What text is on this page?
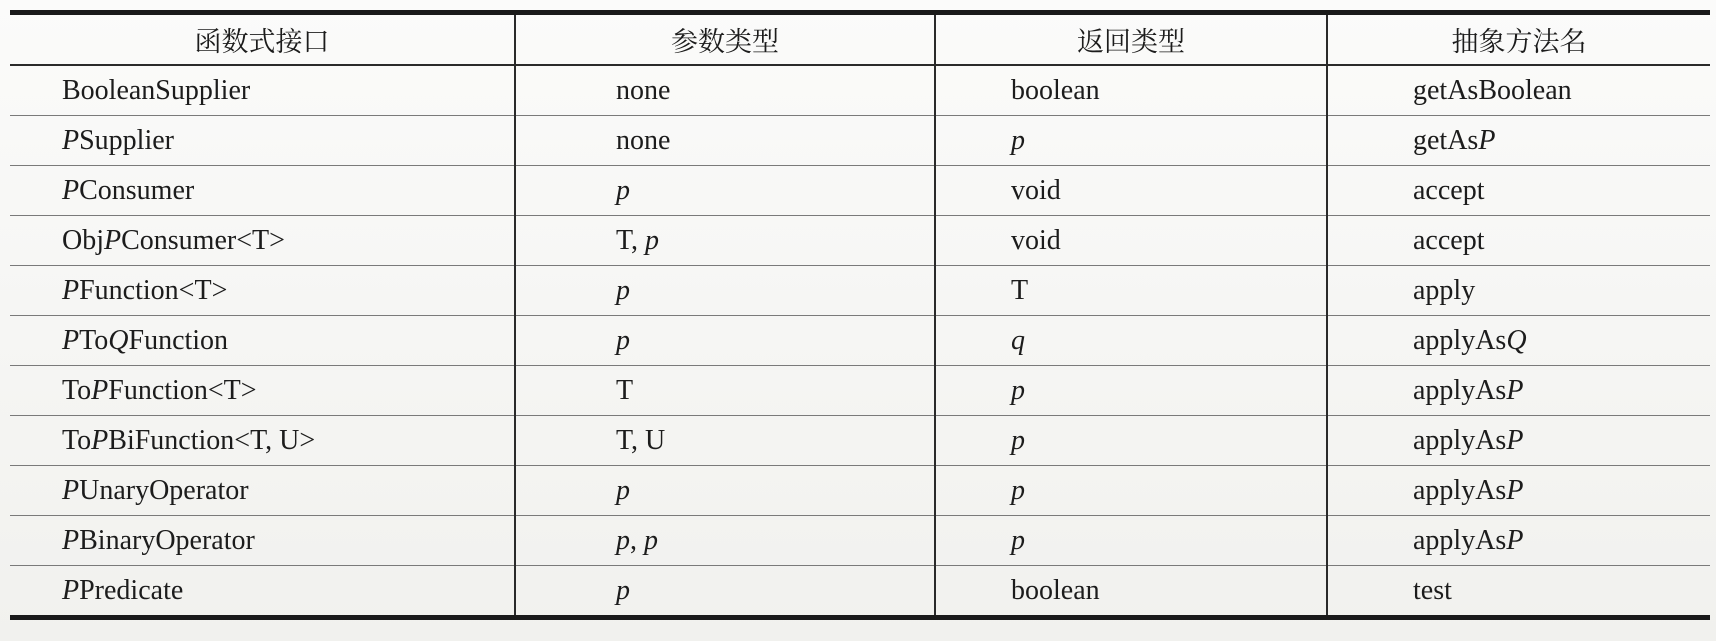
函数式接口	参数类型	返回类型	抽象方法名
BooleanSupplier	none	boolean	getAsBoolean
PSupplier	none	p	getAsP
PConsumer	p	void	accept
ObjPConsumer<T>	T, p	void	accept
PFunction<T>	p	T	apply
PToQFunction	p	q	applyAsQ
ToPFunction<T>	T	p	applyAsP
ToPBiFunction<T, U>	T, U	p	applyAsP
PUnaryOperator	p	p	applyAsP
PBinaryOperator	p, p	p	applyAsP
PPredicate	p	boolean	test
